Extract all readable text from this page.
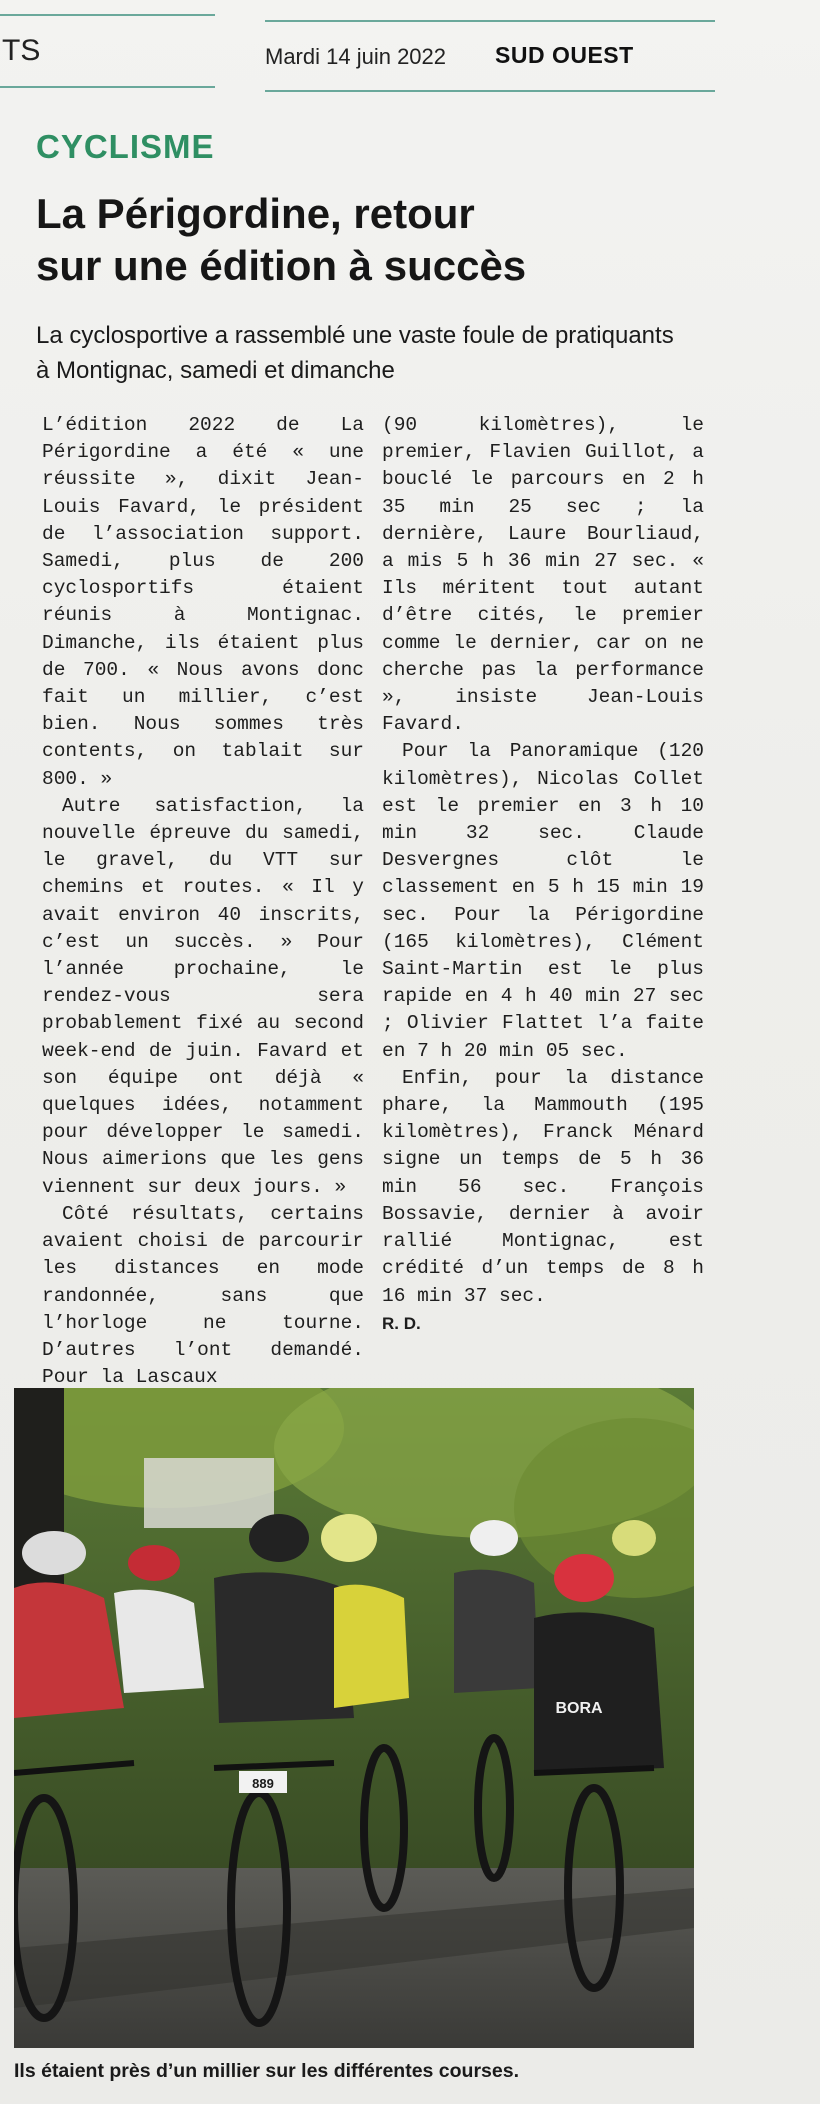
TS	Mardi 14 juin 2022 SUD OUEST
CYCLISME
La Périgordine, retour
sur une édition à succès
La cyclosportive a rassemblé une vaste foule de pratiquants à Montignac, samedi et dimanche

L’édition 2022 de La Périgordine a été « une réussite », dixit Jean-Louis Favard, le président de l’association support. Samedi, plus de 200 cyclosportifs étaient réunis à Montignac. Dimanche, ils étaient plus de 700. « Nous avons donc fait un millier, c’est bien. Nous sommes très contents, on tablait sur 800. »

Autre satisfaction, la nouvelle épreuve du samedi, le gravel, du VTT sur chemins et routes. « Il y avait environ 40 inscrits, c’est un succès. » Pour l’année prochaine, le rendez-vous sera probablement fixé au second week-end de juin. Favard et son équipe ont déjà « quelques idées, notamment pour développer le samedi. Nous aimerions que les gens viennent sur deux jours. »

Côté résultats, certains avaient choisi de parcourir les distances en mode randonnée, sans que l’horloge ne tourne. D’autres l’ont demandé. Pour la Lascaux

(90 kilomètres), le premier, Flavien Guillot, a bouclé le parcours en 2 h 35 min 25 sec ; la dernière, Laure Bourliaud, a mis 5 h 36 min 27 sec. « Ils méritent tout autant d’être cités, le premier comme le dernier, car on ne cherche pas la performance », insiste Jean-Louis Favard.

Pour la Panoramique (120 kilomètres), Nicolas Collet est le premier en 3 h 10 min 32 sec. Claude Desvergnes clôt le classement en 5 h 15 min 19 sec. Pour la Périgordine (165 kilomètres), Clément Saint-Martin est le plus rapide en 4 h 40 min 27 sec ; Olivier Flattet l’a faite en 7 h 20 min 05 sec.

Enfin, pour la distance phare, la Mammouth (195 kilomètres), Franck Ménard signe un temps de 5 h 36 min 56 sec. François Bossavie, dernier à avoir rallié Montignac, est crédité d’un temps de 8 h 16 min 37 sec.

R. D.

889
BORA
Ils étaient près d’un millier sur les différentes courses.
